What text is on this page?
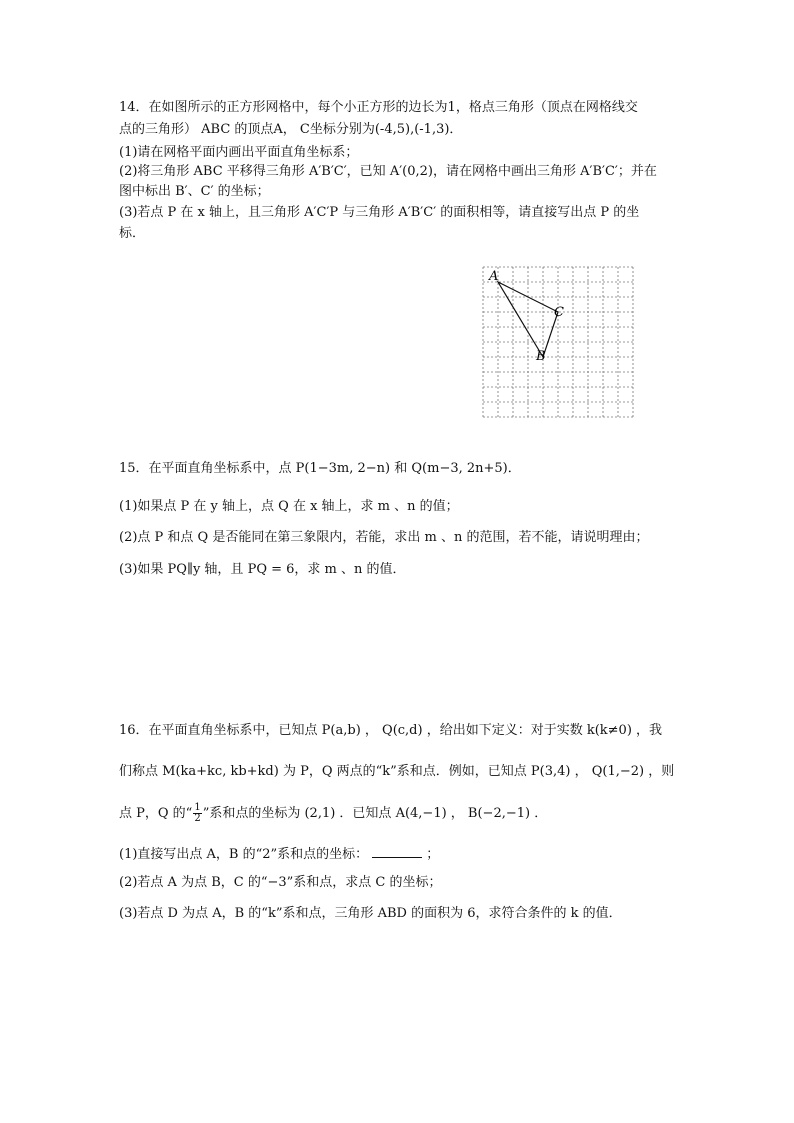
14．在如图所示的正方形网格中，每个小正方形的边长为1，格点三角形（顶点在网格线交
点的三角形） ABC 的顶点A， C坐标分别为(-4,5),(-1,3)．
(1)请在网格平面内画出平面直角坐标系；
(2)将三角形 ABC 平移得三角形 A′B′C′，已知 A′(0,2)，请在网格中画出三角形 A′B′C′；并在
图中标出 B′、C′ 的坐标；
(3)若点 P 在 x 轴上，且三角形 A′C′P 与三角形 A′B′C′ 的面积相等，请直接写出点 P 的坐
标．
A
B
C
15．在平面直角坐标系中，点 P(1−3m, 2−n) 和 Q(m−3, 2n+5)．
(1)如果点 P 在 y 轴上，点 Q 在 x 轴上，求 m 、n 的值；
(2)点 P 和点 Q 是否能同在第三象限内，若能，求出 m 、n 的范围，若不能，请说明理由；
(3)如果 PQ∥y 轴，且 PQ = 6，求 m 、n 的值．
16．在平面直角坐标系中，已知点 P(a,b) ， Q(c,d) ，给出如下定义：对于实数 k(k≠0) ，我
们称点 M(ka+kc, kb+kd) 为 P，Q 两点的“k”系和点．例如，已知点 P(3,4) ， Q(1,−2) ，则
点 P，Q 的“ $\frac{1}{2}$ ”系和点的坐标为 (2,1) ．已知点 A(4,−1) ， B(−2,−1) ．
(1)直接写出点 A，B 的“2”系和点的坐标：	；
(2)若点 A 为点 B，C 的“−3”系和点，求点 C 的坐标；
(3)若点 D 为点 A，B 的“k”系和点，三角形 ABD 的面积为 6，求符合条件的 k 的值．
